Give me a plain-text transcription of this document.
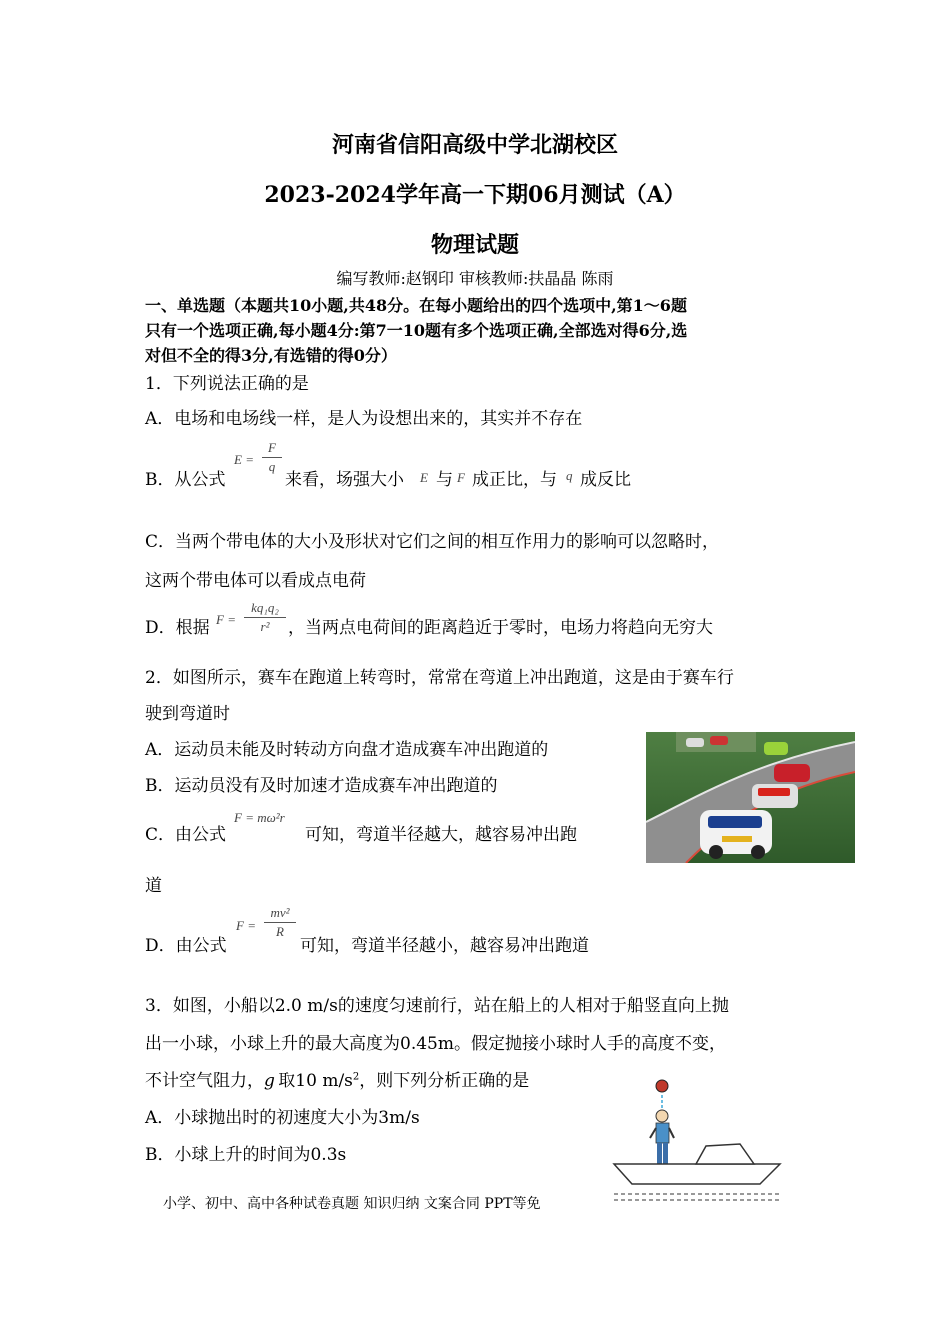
河南省信阳高级中学北湖校区
2023-2024学年高一下期06月测试（A）
物理试题
编写教师:赵钢印 审核教师:扶晶晶 陈雨
一、单选题（本题共10小题,共48分。在每小题给出的四个选项中,第1～6题
只有一个选项正确,每小题4分:第7一10题有多个选项正确,全部选对得6分,选
对但不全的得3分,有选错的得0分）
1．下列说法正确的是
A．电场和电场线一样，是人为设想出来的，其实并不存在
B．从公式
E =
F
q
来看，场强大小 E 与 F 成正比，与 q 成反比
C．当两个带电体的大小及形状对它们之间的相互作用力的影响可以忽略时，
这两个带电体可以看成点电荷
D．根据 F =
kq₁q₂
r²	，当两点电荷间的距离趋近于零时，电场力将趋向无穷大
2．如图所示，赛车在跑道上转弯时，常常在弯道上冲出跑道，这是由于赛车行
驶到弯道时
A．运动员未能及时转动方向盘才造成赛车冲出跑道的
B．运动员没有及时加速才造成赛车冲出跑道的
C．由公式
F = mω²r
可知，弯道半径越大，越容易冲出跑
道
D．由公式
F =
mv²
R
可知，弯道半径越小，越容易冲出跑道
3．如图，小船以2.0 m/s的速度匀速前行，站在船上的人相对于船竖直向上抛
出一小球，小球上升的最大高度为0.45m。假定抛接小球时人手的高度不变，
不计空气阻力，g  取10 $m/s^2$，则下列分析正确的是
A．小球抛出时的初速度大小为3m/s
B．小球上升的时间为0.3s
小学、初中、高中各种试卷真题 知识归纳 文案合同 PPT等免
